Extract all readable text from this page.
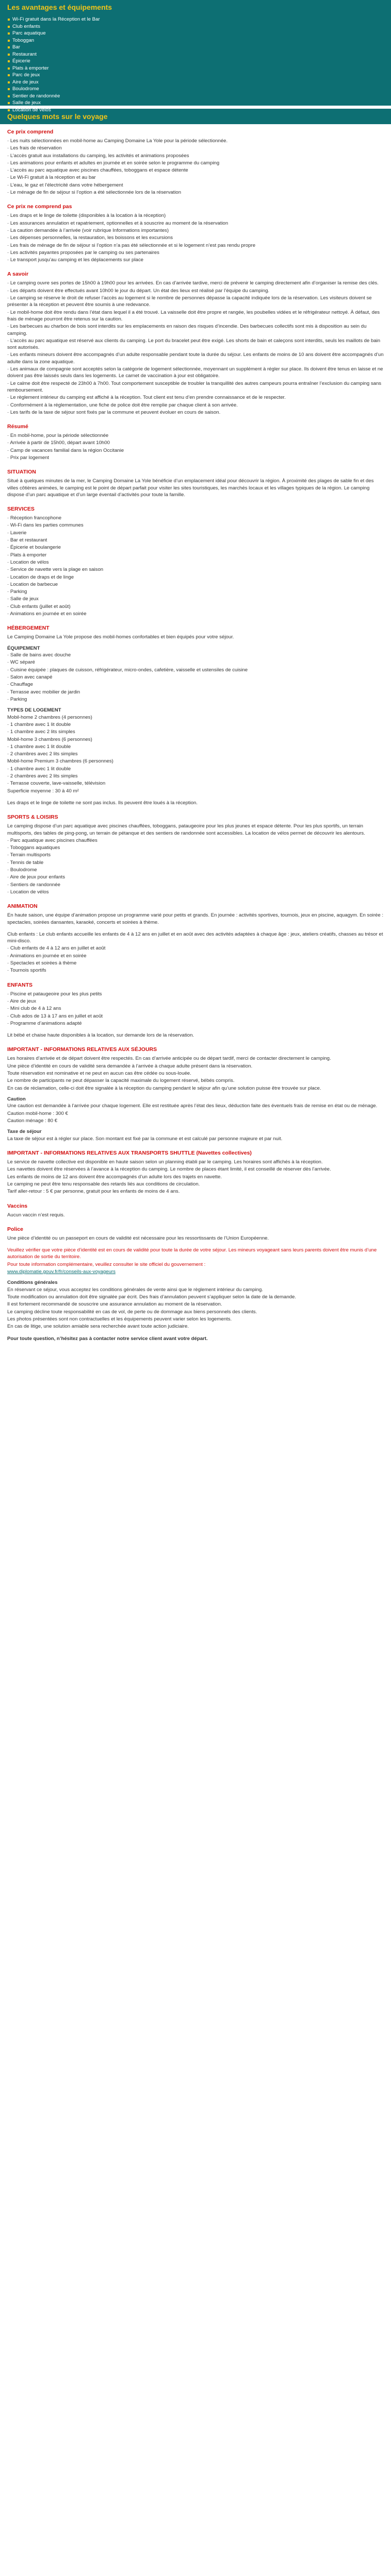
Les avantages et équipements
Wi-Fi gratuit dans la Réception et le Bar
Club enfants
Parc aquatique
Toboggan
Bar
Restaurant
Épicerie
Plats à emporter
Parc de jeux
Aire de jeux
Boulodrome
Sentier de randonnée
Salle de jeux
Location de vélos
Quelques mots sur le voyage
Ce prix comprend
· Les nuits sélectionnées en mobil-home au Camping Domaine La Yole pour la période sélectionnée.
· Les frais de réservation
· L’accès gratuit aux installations du camping, les activités et animations proposées
· Les animations pour enfants et adultes en journée et en soirée selon le programme du camping
· L’accès au parc aquatique avec piscines chauffées, toboggans et espace détente
· Le Wi-Fi gratuit à la réception et au bar
· L’eau, le gaz et l’électricité dans votre hébergement
· Le ménage de fin de séjour si l’option a été sélectionnée lors de la réservation
Ce prix ne comprend pas
· Les draps et le linge de toilette (disponibles à la location à la réception)
· Les assurances annulation et rapatriement, optionnelles et à souscrire au moment de la réservation
· La caution demandée à l’arrivée (voir rubrique Informations importantes)
· Les dépenses personnelles, la restauration, les boissons et les excursions
· Les frais de ménage de fin de séjour si l’option n’a pas été sélectionnée et si le logement n’est pas rendu propre
· Les activités payantes proposées par le camping ou ses partenaires
· Le transport jusqu’au camping et les déplacements sur place
A savoir
· Le camping ouvre ses portes de 15h00 à 19h00 pour les arrivées. En cas d’arrivée tardive, merci de prévenir le camping directement afin d’organiser la remise des clés.
· Les départs doivent être effectués avant 10h00 le jour du départ. Un état des lieux est réalisé par l’équipe du camping.
· Le camping se réserve le droit de refuser l’accès au logement si le nombre de personnes dépasse la capacité indiquée lors de la réservation. Les visiteurs doivent se présenter à la réception et peuvent être soumis à une redevance.
· Le mobil-home doit être rendu dans l’état dans lequel il a été trouvé. La vaisselle doit être propre et rangée, les poubelles vidées et le réfrigérateur nettoyé. À défaut, des frais de ménage pourront être retenus sur la caution.
· Les barbecues au charbon de bois sont interdits sur les emplacements en raison des risques d’incendie. Des barbecues collectifs sont mis à disposition au sein du camping.
· L’accès au parc aquatique est réservé aux clients du camping. Le port du bracelet peut être exigé. Les shorts de bain et caleçons sont interdits, seuls les maillots de bain sont autorisés.
· Les enfants mineurs doivent être accompagnés d’un adulte responsable pendant toute la durée du séjour. Les enfants de moins de 10 ans doivent être accompagnés d’un adulte dans la zone aquatique.
· Les animaux de compagnie sont acceptés selon la catégorie de logement sélectionnée, moyennant un supplément à régler sur place. Ils doivent être tenus en laisse et ne doivent pas être laissés seuls dans les logements. Le carnet de vaccination à jour est obligatoire.
· Le calme doit être respecté de 23h00 à 7h00. Tout comportement susceptible de troubler la tranquillité des autres campeurs pourra entraîner l’exclusion du camping sans remboursement.
· Le règlement intérieur du camping est affiché à la réception. Tout client est tenu d’en prendre connaissance et de le respecter.
· Conformément à la réglementation, une fiche de police doit être remplie par chaque client à son arrivée.
· Les tarifs de la taxe de séjour sont fixés par la commune et peuvent évoluer en cours de saison.
Résumé
· En mobil-home, pour la période sélectionnée
· Arrivée à partir de 15h00, départ avant 10h00
· Camp de vacances familial dans la région Occitanie
· Prix par logement
SITUATION
Situé à quelques minutes de la mer, le Camping Domaine La Yole bénéficie d’un emplacement idéal pour découvrir la région. À proximité des plages de sable fin et des villes côtières animées, le camping est le point de départ parfait pour visiter les sites touristiques, les marchés locaux et les villages typiques de la région. Le camping dispose d’un parc aquatique et d’un large éventail d’activités pour toute la famille.
SERVICES
· Réception francophone
· Wi-Fi dans les parties communes
· Laverie
· Bar et restaurant
· Épicerie et boulangerie
· Plats à emporter
· Location de vélos
· Service de navette vers la plage en saison
· Location de draps et de linge
· Location de barbecue
· Parking
· Salle de jeux
· Club enfants (juillet et août)
· Animations en journée et en soirée
HÉBERGEMENT
Le Camping Domaine La Yole propose des mobil-homes confortables et bien équipés pour votre séjour.
ÉQUIPEMENT
· Salle de bains avec douche
· WC séparé
· Cuisine équipée : plaques de cuisson, réfrigérateur, micro-ondes, cafetière, vaisselle et ustensiles de cuisine
· Salon avec canapé
· Chauffage
· Terrasse avec mobilier de jardin
· Parking
TYPES DE LOGEMENT
Mobil-home 2 chambres (4 personnes)
· 1 chambre avec 1 lit double
· 1 chambre avec 2 lits simples
Mobil-home 3 chambres (6 personnes)
· 1 chambre avec 1 lit double
· 2 chambres avec 2 lits simples
Mobil-home Premium 3 chambres (6 personnes)
· 1 chambre avec 1 lit double
· 2 chambres avec 2 lits simples
· Terrasse couverte, lave-vaisselle, télévision
Superficie moyenne : 30 à 40 m²
Les draps et le linge de toilette ne sont pas inclus. Ils peuvent être loués à la réception.
SPORTS & LOISIRS
Le camping dispose d’un parc aquatique avec piscines chauffées, toboggans, pataugeoire pour les plus jeunes et espace détente. Pour les plus sportifs, un terrain multisports, des tables de ping-pong, un terrain de pétanque et des sentiers de randonnée sont accessibles. La location de vélos permet de découvrir les alentours.
· Parc aquatique avec piscines chauffées
· Toboggans aquatiques
· Terrain multisports
· Tennis de table
· Boulodrome
· Aire de jeux pour enfants
· Sentiers de randonnée
· Location de vélos
ANIMATION
En haute saison, une équipe d’animation propose un programme varié pour petits et grands. En journée : activités sportives, tournois, jeux en piscine, aquagym. En soirée : spectacles, soirées dansantes, karaoké, concerts et soirées à thème.
Club enfants : Le club enfants accueille les enfants de 4 à 12 ans en juillet et en août avec des activités adaptées à chaque âge : jeux, ateliers créatifs, chasses au trésor et mini-disco.
· Club enfants de 4 à 12 ans en juillet et août
· Animations en journée et en soirée
· Spectacles et soirées à thème
· Tournois sportifs
ENFANTS
· Piscine et pataugeoire pour les plus petits
· Aire de jeux
· Mini club de 4 à 12 ans
· Club ados de 13 à 17 ans en juillet et août
· Programme d’animations adapté
Lit bébé et chaise haute disponibles à la location, sur demande lors de la réservation.
IMPORTANT - INFORMATIONS RELATIVES AUX SÉJOURS
Les horaires d’arrivée et de départ doivent être respectés. En cas d’arrivée anticipée ou de départ tardif, merci de contacter directement le camping.
Une pièce d’identité en cours de validité sera demandée à l’arrivée à chaque adulte présent dans la réservation.
Toute réservation est nominative et ne peut en aucun cas être cédée ou sous-louée.
Le nombre de participants ne peut dépasser la capacité maximale du logement réservé, bébés compris.
En cas de réclamation, celle-ci doit être signalée à la réception du camping pendant le séjour afin qu’une solution puisse être trouvée sur place.
Caution
Une caution est demandée à l’arrivée pour chaque logement. Elle est restituée après l’état des lieux, déduction faite des éventuels frais de remise en état ou de ménage.
Caution mobil-home : 300 €
Caution ménage : 80 €
Taxe de séjour
La taxe de séjour est à régler sur place. Son montant est fixé par la commune et est calculé par personne majeure et par nuit.
IMPORTANT - INFORMATIONS RELATIVES AUX TRANSPORTS SHUTTLE (Navettes collectives)
Le service de navette collective est disponible en haute saison selon un planning établi par le camping. Les horaires sont affichés à la réception.
Les navettes doivent être réservées à l’avance à la réception du camping. Le nombre de places étant limité, il est conseillé de réserver dès l’arrivée.
Les enfants de moins de 12 ans doivent être accompagnés d’un adulte lors des trajets en navette.
Le camping ne peut être tenu responsable des retards liés aux conditions de circulation.
Tarif aller-retour : 5 € par personne, gratuit pour les enfants de moins de 4 ans.
Vaccins
Aucun vaccin n’est requis.
Police
Une pièce d’identité ou un passeport en cours de validité est nécessaire pour les ressortissants de l’Union Européenne.
Veuillez vérifier que votre pièce d’identité est en cours de validité pour toute la durée de votre séjour. Les mineurs voyageant sans leurs parents doivent être munis d’une autorisation de sortie du territoire.
Pour toute information complémentaire, veuillez consulter le site officiel du gouvernement :
www.diplomatie.gouv.fr/fr/conseils-aux-voyageurs
Conditions générales
En réservant ce séjour, vous acceptez les conditions générales de vente ainsi que le règlement intérieur du camping.
Toute modification ou annulation doit être signalée par écrit. Des frais d’annulation peuvent s’appliquer selon la date de la demande.
Il est fortement recommandé de souscrire une assurance annulation au moment de la réservation.
Le camping décline toute responsabilité en cas de vol, de perte ou de dommage aux biens personnels des clients.
Les photos présentées sont non contractuelles et les équipements peuvent varier selon les logements.
En cas de litige, une solution amiable sera recherchée avant toute action judiciaire.
Pour toute question, n’hésitez pas à contacter notre service client avant votre départ.
